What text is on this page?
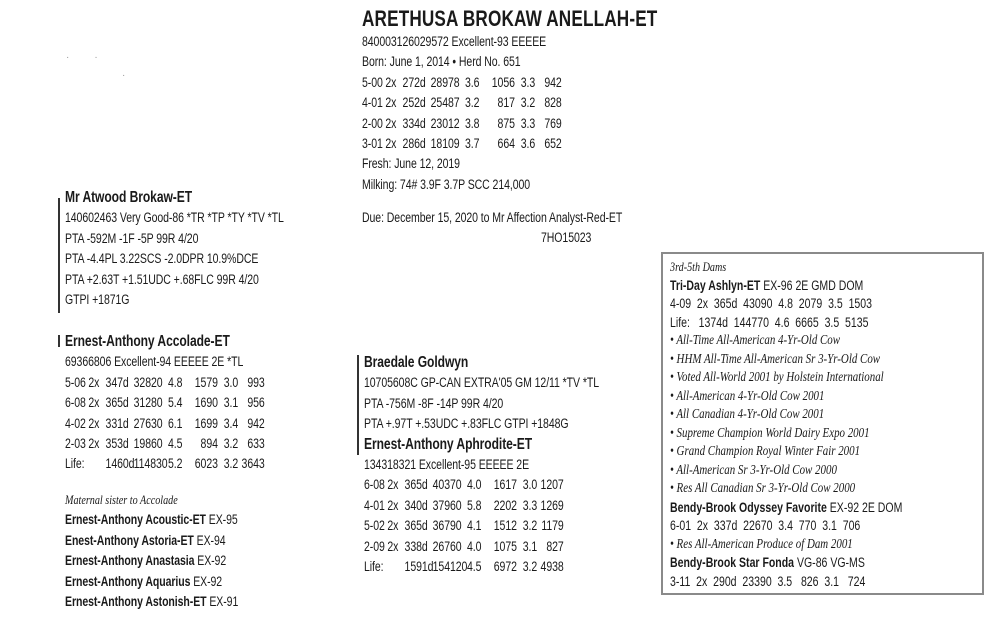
·         ·
·
ARETHUSA BROKAW ANELLAH-ET
840003126029572 Excellent-93 EEEEE
Born: June 1, 2014 • Herd No. 651
5-00 2x 272d 28978 3.6 1056 3.3 942
4-01 2x 252d 25487 3.2 817 3.2 828
2-00 2x 334d 23012 3.8 875 3.3 769
3-01 2x 286d 18109 3.7 664 3.6 652
Fresh: June 12, 2019
Milking: 74# 3.9F 3.7P SCC 214,000
Due: December 15, 2020 to Mr Affection Analyst-Red-ET
7HO15023
Mr Atwood Brokaw-ET
140602463 Very Good-86 *TR *TP *TY *TV *TL
PTA -592M -1F -5P 99R 4/20
PTA -4.4PL 3.22SCS -2.0DPR 10.9%DCE
PTA +2.63T +1.51UDC +.68FLC 99R 4/20
GTPI +1871G
Ernest-Anthony Accolade-ET
69366806 Excellent-94 EEEEE 2E *TL
5-06 2x 347d 32820 4.8 1579 3.0 993
6-08 2x 365d 31280 5.4 1690 3.1 956
4-02 2x 331d 27630 6.1 1699 3.4 942
2-03 2x 353d 19860 4.5 894 3.2 633
Life: 1460d1148305.2 6023 3.2 3643
Maternal sister to Accolade
Ernest-Anthony Acoustic-ET EX-95
Enest-Anthony Astoria-ET EX-94
Ernest-Anthony Anastasia EX-92
Ernest-Anthony Aquarius EX-92
Ernest-Anthony Astonish-ET EX-91
Braedale Goldwyn
10705608C GP-CAN EXTRA'05 GM 12/11 *TV *TL
PTA -756M -8F -14P 99R 4/20
PTA +.97T +.53UDC +.83FLC GTPI +1848G
Ernest-Anthony Aphrodite-ET
134318321 Excellent-95 EEEEE 2E
6-08 2x 365d 40370 4.0 1617 3.0 1207
4-01 2x 340d 37960 5.8 2202 3.3 1269
5-02 2x 365d 36790 4.1 1512 3.2 1179
2-09 2x 338d 26760 4.0 1075 3.1 827
Life: 1591d1541204.5 6972 3.2 4938
3rd-5th Dams
Tri-Day Ashlyn-ET EX-96 2E GMD DOM
4-09  2x  365d  43090  4.8  2079  3.5  1503
Life:   1374d  144770  4.6  6665  3.5  5135
• All-Time All-American 4-Yr-Old Cow
• HHM All-Time All-American Sr 3-Yr-Old Cow
• Voted All-World 2001 by Holstein International
• All-American 4-Yr-Old Cow 2001
• All Canadian 4-Yr-Old Cow 2001
• Supreme Champion World Dairy Expo 2001
• Grand Champion Royal Winter Fair 2001
• All-American Sr 3-Yr-Old Cow 2000
• Res All Canadian Sr 3-Yr-Old Cow 2000
Bendy-Brook Odyssey Favorite EX-92 2E DOM
6-01  2x  337d  22670  3.4  770  3.1  706
• Res All-American Produce of Dam 2001
Bendy-Brook Star Fonda VG-86 VG-MS
3-11  2x  290d  23390  3.5   826  3.1   724
